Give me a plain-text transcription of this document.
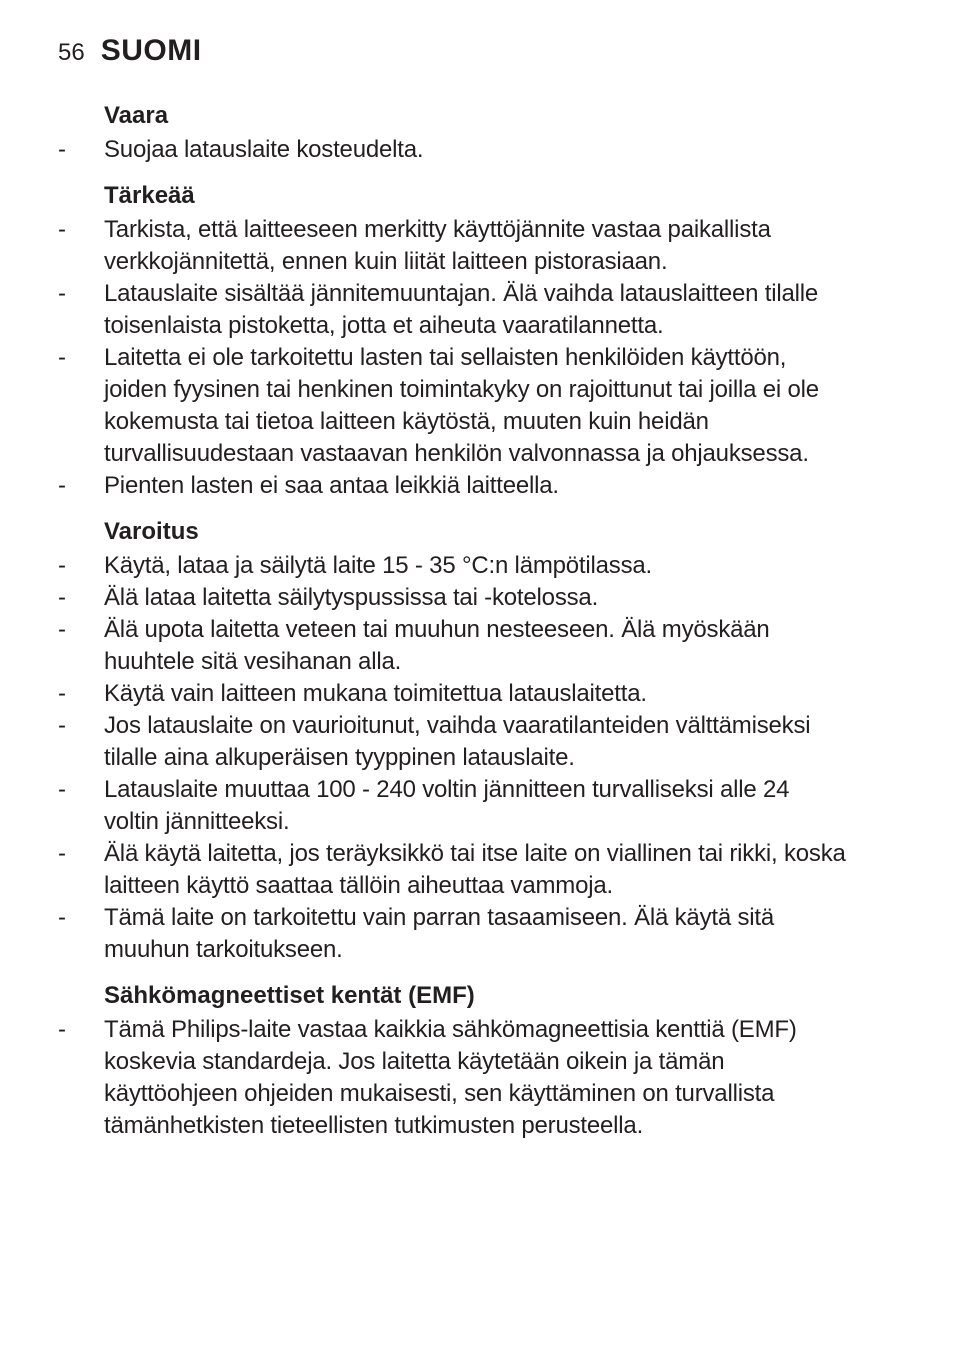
56 SUOMI
Vaara
-	Suojaa latauslaite kosteudelta.
Tärkeää
-	Tarkista, että laitteeseen merkitty käyttöjännite vastaa paikallista
verkkojännitettä, ennen kuin liität laitteen pistorasiaan.
-	Latauslaite sisältää jännitemuuntajan. Älä vaihda latauslaitteen tilalle
toisenlaista pistoketta, jotta et aiheuta vaaratilannetta.
-	Laitetta ei ole tarkoitettu lasten tai sellaisten henkilöiden käyttöön,
joiden fyysinen tai henkinen toimintakyky on rajoittunut tai joilla ei ole
kokemusta tai tietoa laitteen käytöstä, muuten kuin heidän
turvallisuudestaan vastaavan henkilön valvonnassa ja ohjauksessa.
-	Pienten lasten ei saa antaa leikkiä laitteella.
Varoitus
-	Käytä, lataa ja säilytä laite 15 - 35 °C:n lämpötilassa.
-	Älä lataa laitetta säilytyspussissa tai -kotelossa.
-	Älä upota laitetta veteen tai muuhun nesteeseen. Älä myöskään
huuhtele sitä vesihanan alla.
-	Käytä vain laitteen mukana toimitettua latauslaitetta.
-	Jos latauslaite on vaurioitunut, vaihda vaaratilanteiden välttämiseksi
tilalle aina alkuperäisen tyyppinen latauslaite.
-	Latauslaite muuttaa 100 - 240 voltin jännitteen turvalliseksi alle 24
voltin jännitteeksi.
-	Älä käytä laitetta, jos teräyksikkö tai itse laite on viallinen tai rikki, koska
laitteen käyttö saattaa tällöin aiheuttaa vammoja.
-	Tämä laite on tarkoitettu vain parran tasaamiseen. Älä käytä sitä
muuhun tarkoitukseen.
Sähkömagneettiset kentät (EMF)
-	Tämä Philips-laite vastaa kaikkia sähkömagneettisia kenttiä (EMF)
koskevia standardeja. Jos laitetta käytetään oikein ja tämän
käyttöohjeen ohjeiden mukaisesti, sen käyttäminen on turvallista
tämänhetkisten tieteellisten tutkimusten perusteella.
